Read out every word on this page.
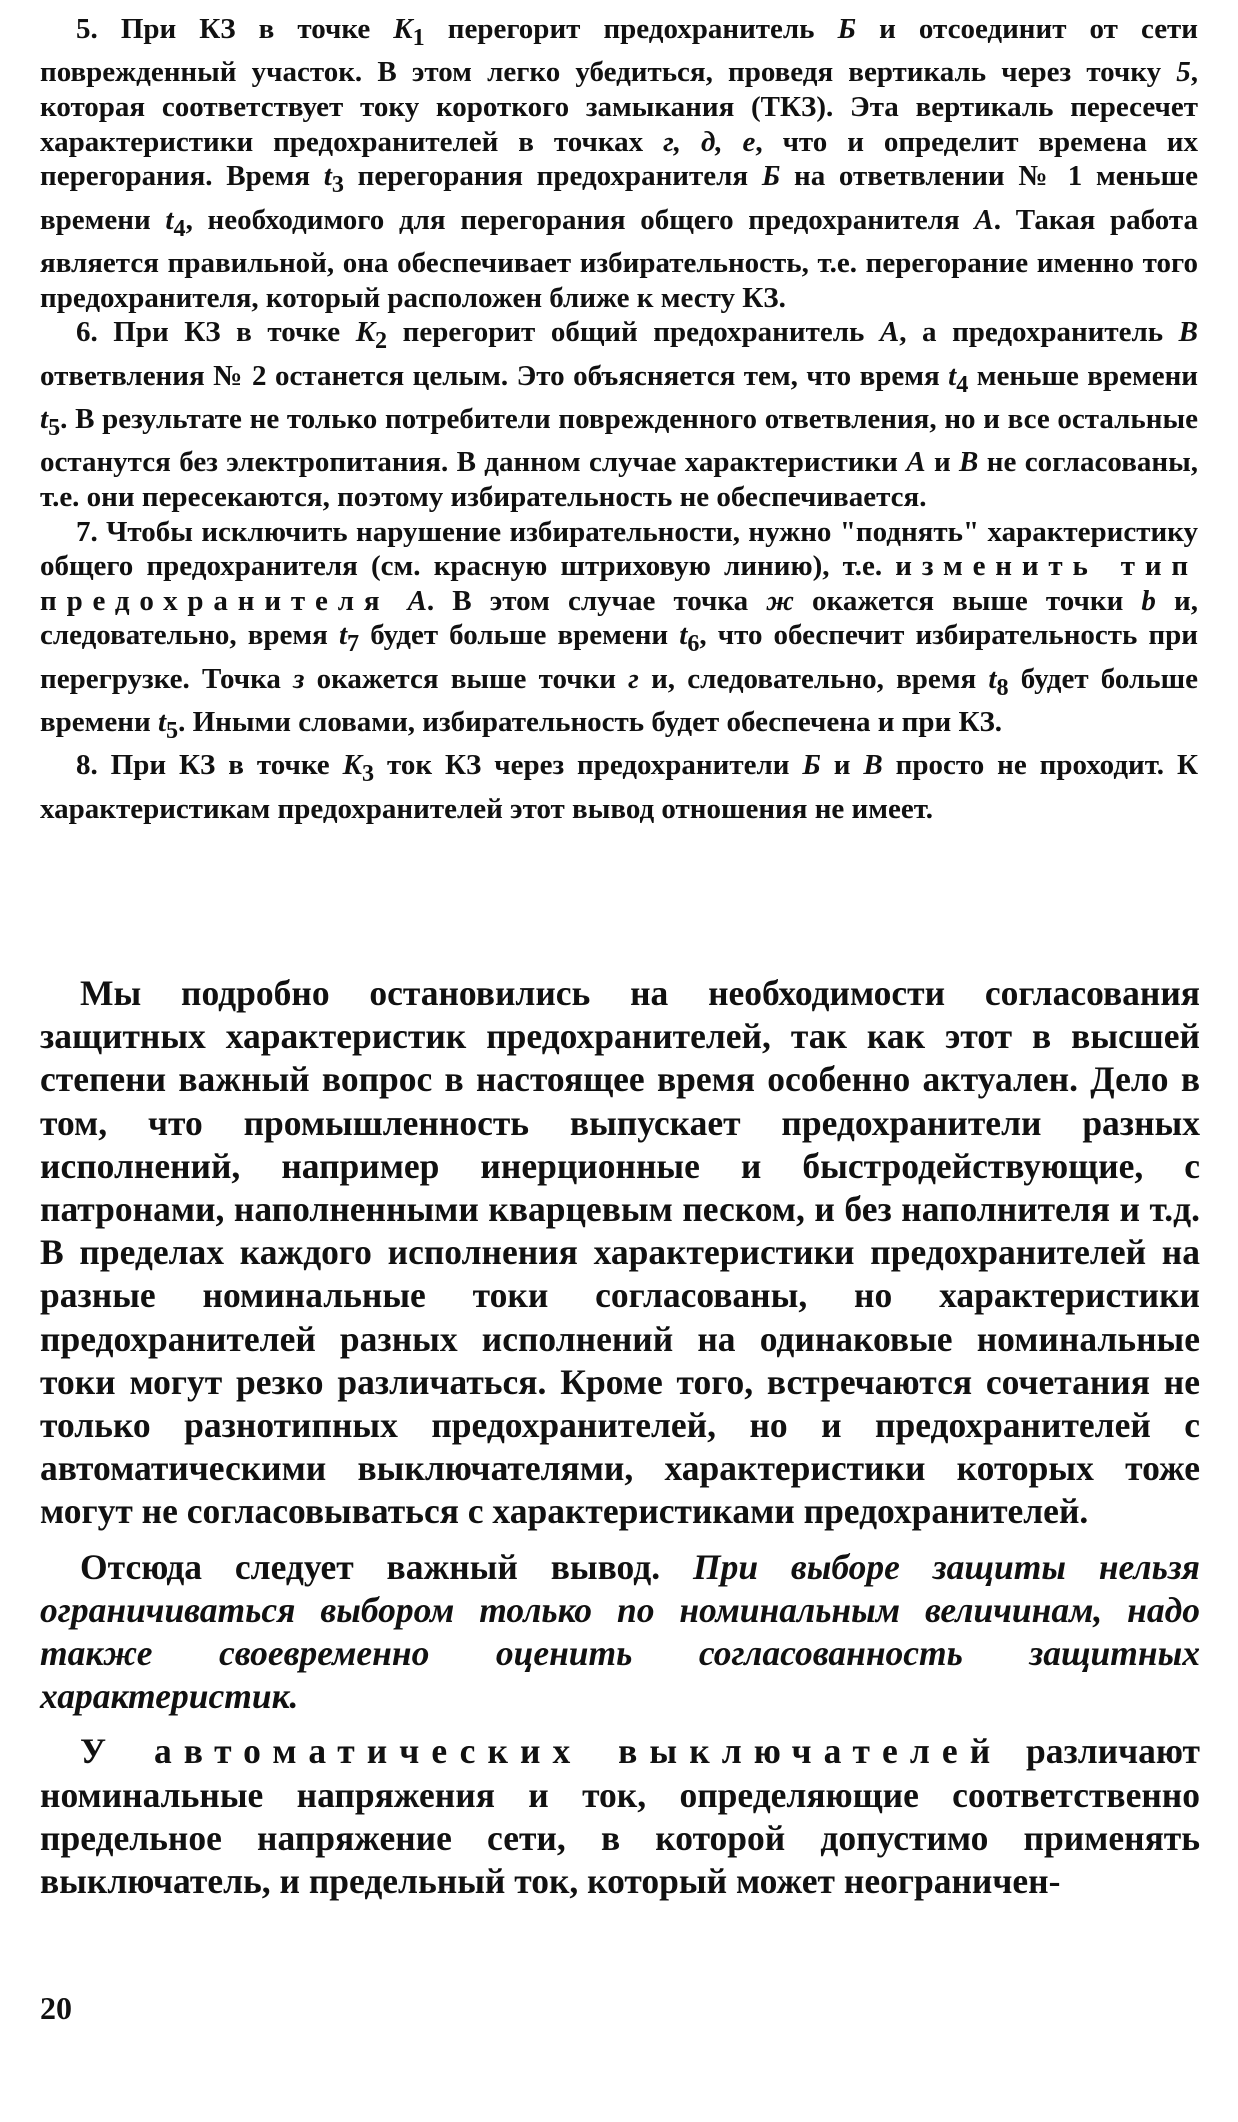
5. При КЗ в точке $K_1$ перегорит предохранитель Б и отсоединит от сети поврежденный участок. В этом легко убедиться, проведя вертикаль через точку 5, которая соответствует току короткого замыкания (ТКЗ). Эта вертикаль пересечет характеристики предохранителей в точках г, д, е, что и определит времена их перегорания. Время $t_3$ перегорания предохранителя Б на ответвлении № 1 меньше времени $t_4$, необходимого для перегорания общего предохранителя А. Такая работа является правильной, она обеспечивает избирательность, т.е. перегорание именно того предохранителя, который расположен ближе к месту КЗ.

6. При КЗ в точке $K_2$ перегорит общий предохранитель А, а предохранитель В ответвления № 2 останется целым. Это объясняется тем, что время $t_4$ меньше времени $t_5$. В результате не только потребители поврежденного ответвления, но и все остальные останутся без электропитания. В данном случае характеристики А и В не согласованы, т.е. они пересекаются, поэтому избирательность не обеспечивается.

7. Чтобы исключить нарушение избирательности, нужно "поднять" характеристику общего предохранителя (см. красную штриховую линию), т.е. изменить тип предохранителя А. В этом случае точка ж окажется выше точки b и, следовательно, время $t_7$ будет больше времени $t_6$, что обеспечит избирательность при перегрузке. Точка з окажется выше точки г и, следовательно, время $t_8$ будет больше времени $t_5$. Иными словами, избирательность будет обеспечена и при КЗ.

8. При КЗ в точке $K_3$ ток КЗ через предохранители Б и В просто не проходит. К характеристикам предохранителей этот вывод отношения не имеет.

Мы подробно остановились на необходимости согласования защитных характеристик предохранителей, так как этот в высшей степени важный вопрос в настоящее время особенно актуален. Дело в том, что промышленность выпускает предохранители разных исполнений, например инерционные и быстродействующие, с патронами, наполненными кварцевым песком, и без наполнителя и т.д. В пределах каждого исполнения характеристики предохранителей на разные номинальные токи согласованы, но характеристики предохранителей разных исполнений на одинаковые номинальные токи могут резко различаться. Кроме того, встречаются сочетания не только разнотипных предохранителей, но и предохранителей с автоматическими выключателями, характеристики которых тоже могут не согласовываться с характеристиками предохранителей.

Отсюда следует важный вывод. При выборе защиты нельзя ограничиваться выбором только по номинальным величинам, надо также своевременно оценить согласованность защитных характеристик.

У автоматических выключателей различают номинальные напряжения и ток, определяющие соответственно предельное напряжение сети, в которой допустимо применять выключатель, и предельный ток, который может неограничен-

20
